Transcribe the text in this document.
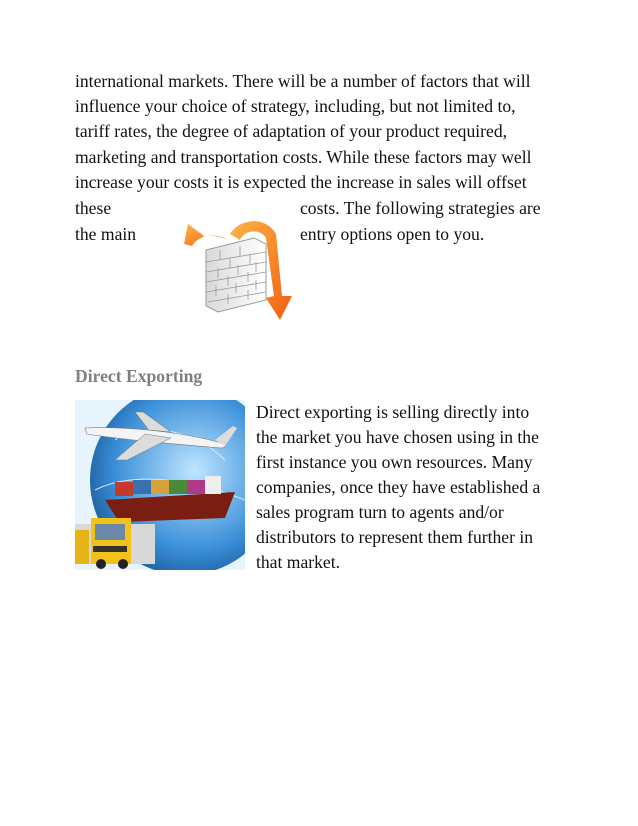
international markets. There will be a number of factors that will
influence your choice of strategy, including, but not limited to,
tariff rates, the degree of adaptation of your product required,
marketing and transportation costs. While these factors may well
increase your costs it is expected the increase in sales will offset
these	costs. The following strategies are
the main	entry options open to you.
Direct Exporting
Direct exporting is selling directly into
the market you have chosen using in the
first instance you own resources. Many
companies, once they have established a
sales program turn to agents and/or
distributors to represent them further in
that market.
